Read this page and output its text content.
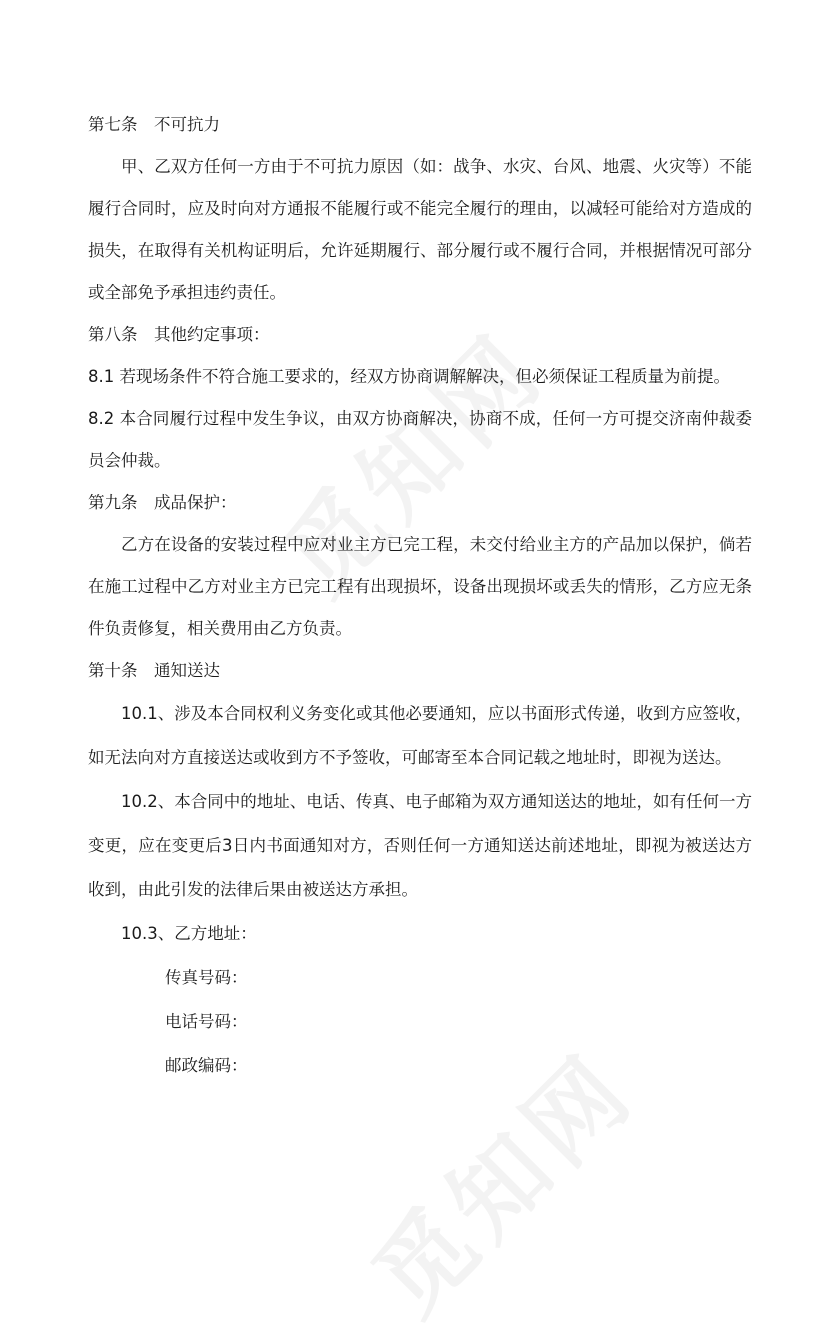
第七条　不可抗力

甲、乙双方任何一方由于不可抗力原因（如：战争、水灾、台风、地震、火灾等）不能履行合同时，应及时向对方通报不能履行或不能完全履行的理由，以减轻可能给对方造成的损失，在取得有关机构证明后，允许延期履行、部分履行或不履行合同，并根据情况可部分或全部免予承担违约责任。

第八条　其他约定事项：

8.1 若现场条件不符合施工要求的，经双方协商调解解决，但必须保证工程质量为前提。

8.2 本合同履行过程中发生争议，由双方协商解决，协商不成，任何一方可提交济南仲裁委员会仲裁。

第九条　成品保护：

乙方在设备的安装过程中应对业主方已完工程，未交付给业主方的产品加以保护，倘若在施工过程中乙方对业主方已完工程有出现损坏，设备出现损坏或丢失的情形，乙方应无条件负责修复，相关费用由乙方负责。

第十条　通知送达

10.1、涉及本合同权利义务变化或其他必要通知，应以书面形式传递，收到方应签收，如无法向对方直接送达或收到方不予签收，可邮寄至本合同记载之地址时，即视为送达。

10.2、本合同中的地址、电话、传真、电子邮箱为双方通知送达的地址，如有任何一方变更，应在变更后3日内书面通知对方，否则任何一方通知送达前述地址，即视为被送达方收到，由此引发的法律后果由被送达方承担。

10.3、乙方地址：

传真号码：

电话号码：

邮政编码：
